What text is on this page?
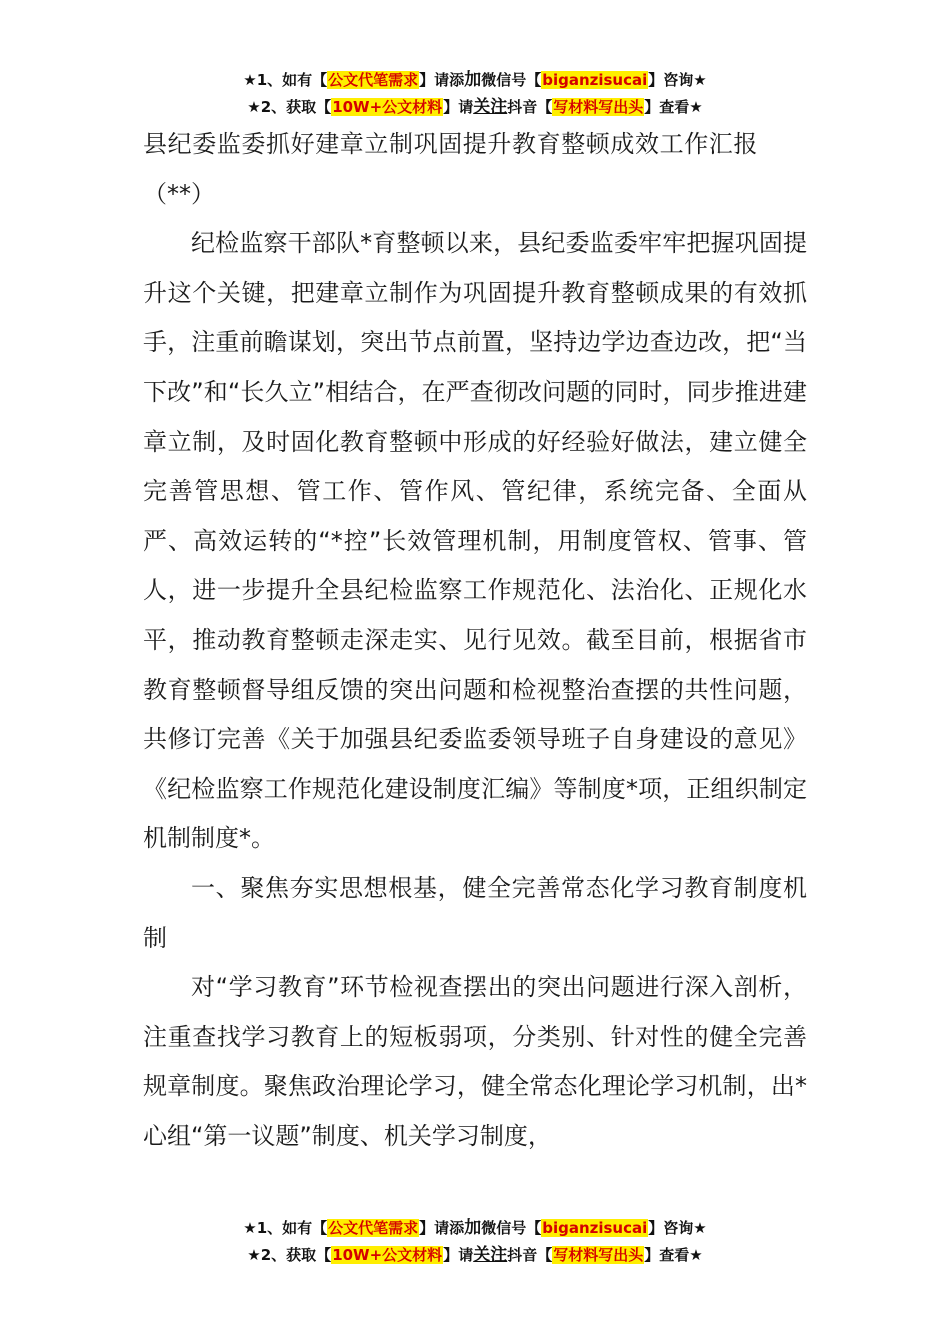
★1、如有【公文代笔需求】请添加微信号【biganzisucai】咨询★
★2、获取【10W+公文材料】请关注抖音【写材料写出头】查看★

县纪委监委抓好建章立制巩固提升教育整顿成效工作汇报

（**）

纪检监察干部队*育整顿以来，县纪委监委牢牢把握巩固提升这个关键，把建章立制作为巩固提升教育整顿成果的有效抓手，注重前瞻谋划，突出节点前置，坚持边学边查边改，把“当下改”和“长久立”相结合，在严查彻改问题的同时，同步推进建章立制，及时固化教育整顿中形成的好经验好做法，建立健全完善管思想、管工作、管作风、管纪律，系统完备、全面从严、高效运转的“*控”长效管理机制，用制度管权、管事、管人，进一步提升全县纪检监察工作规范化、法治化、正规化水平，推动教育整顿走深走实、见行见效。截至目前，根据省市教育整顿督导组反馈的突出问题和检视整治查摆的共性问题，共修订完善《关于加强县纪委监委领导班子自身建设的意见》《纪检监察工作规范化建设制度汇编》等制度*项，正组织制定机制制度*。

一、聚焦夯实思想根基，健全完善常态化学习教育制度机制

对“学习教育”环节检视查摆出的突出问题进行深入剖析，注重查找学习教育上的短板弱项，分类别、针对性的健全完善规章制度。聚焦政治理论学习，健全常态化理论学习机制，出*心组“第一议题”制度、机关学习制度，

★1、如有【公文代笔需求】请添加微信号【biganzisucai】咨询★
★2、获取【10W+公文材料】请关注抖音【写材料写出头】查看★
